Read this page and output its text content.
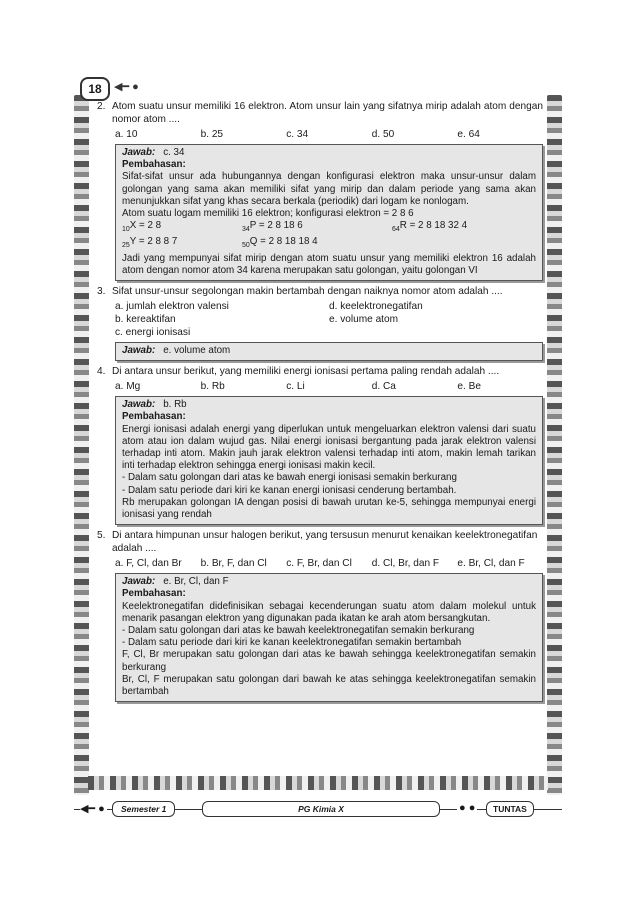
18	◀━ ●
2. Atom suatu unsur memiliki 16 elektron. Atom unsur lain yang sifatnya mirip adalah atom dengan nomor atom ....
a. 10	b. 25	c. 34	d. 50	e. 64
Jawab: c. 34
Pembahasan:
Sifat-sifat unsur ada hubungannya dengan konfigurasi elektron maka unsur-unsur dalam golongan yang sama akan memiliki sifat yang mirip dan dalam periode yang sama akan menunjukkan sifat yang khas secara berkala (periodik) dari logam ke nonlogam.
Atom suatu logam memiliki 16 elektron; konfigurasi elektron = 2 8 6
$_{10}$X = 2 8	$_{34}$P = 2 8 18 6	$_{64}$R = 2 8 18 32 4
$_{25}$Y = 2 8 8 7	$_{50}$Q = 2 8 18 18 4
Jadi yang mempunyai sifat mirip dengan atom suatu unsur yang memiliki elektron 16 adalah atom dengan nomor atom 34 karena merupakan satu golongan, yaitu golongan VI
3. Sifat unsur-unsur segolongan makin bertambah dengan naiknya nomor atom adalah ....
a. jumlah elektron valensi	d. keelektronegatifan
b. kereaktifan	e. volume atom
c. energi ionisasi
Jawab: e. volume atom
4. Di antara unsur berikut, yang memiliki energi ionisasi pertama paling rendah adalah ....
a. Mg	b. Rb	c. Li	d. Ca	e. Be
Jawab: b. Rb
Pembahasan:
Energi ionisasi adalah energi yang diperlukan untuk mengeluarkan elektron valensi dari suatu atom atau ion dalam wujud gas. Nilai energi ionisasi bergantung pada jarak elektron valensi terhadap inti atom. Makin jauh jarak elektron valensi terhadap inti atom, makin lemah tarikan inti terhadap elektron sehingga energi ionisasi makin kecil.
- Dalam satu golongan dari atas ke bawah energi ionisasi semakin berkurang
- Dalam satu periode dari kiri ke kanan energi ionisasi cenderung bertambah.
Rb merupakan golongan IA dengan posisi di bawah urutan ke-5, sehingga mempunyai energi ionisasi yang rendah
5. Di antara himpunan unsur halogen berikut, yang tersusun menurut kenaikan keelektronegatifan adalah ....
a. F, Cl, dan Br	b. Br, F, dan Cl	c. F, Br, dan Cl	d. Cl, Br, dan F	e. Br, Cl, dan F
Jawab: e. Br, Cl, dan F
Pembahasan:
Keelektronegatifan didefinisikan sebagai kecenderungan suatu atom dalam molekul untuk menarik pasangan elektron yang digunakan pada ikatan ke arah atom bersangkutan.
- Dalam satu golongan dari atas ke bawah keelektronegatifan semakin berkurang
- Dalam satu periode dari kiri ke kanan keelektronegatifan semakin bertambah
F, Cl, Br merupakan satu golongan dari atas ke bawah sehingga keelektronegatifan semakin berkurang
Br, Cl, F merupakan satu golongan dari bawah ke atas sehingga keelektronegatifan semakin bertambah
◀━ ●	Semester 1	PG Kimia X	● ●	TUNTAS
